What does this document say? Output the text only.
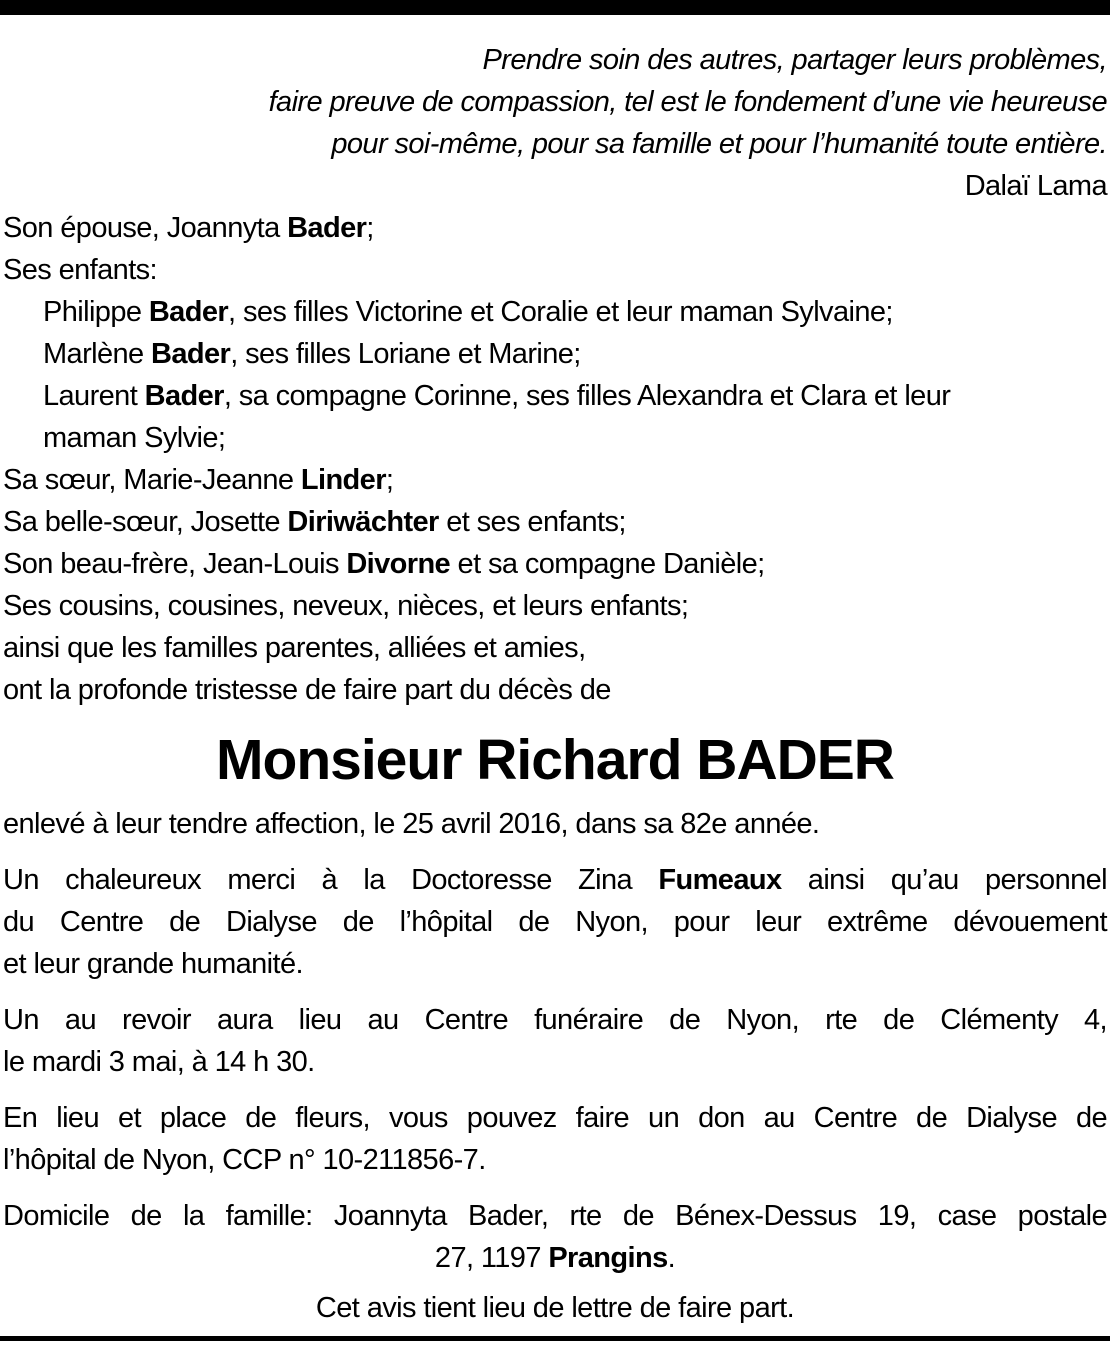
Prendre soin des autres, partager leurs problèmes,
faire preuve de compassion, tel est le fondement d’une vie heureuse
pour soi-même, pour sa famille et pour l’humanité toute entière.
Dalaï Lama
Son épouse, Joannyta Bader;
Ses enfants:
Philippe Bader, ses filles Victorine et Coralie et leur maman Sylvaine;
Marlène Bader, ses filles Loriane et Marine;
Laurent Bader, sa compagne Corinne, ses filles Alexandra et Clara et leur
maman Sylvie;
Sa sœur, Marie-Jeanne Linder;
Sa belle-sœur, Josette Diriwächter et ses enfants;
Son beau-frère, Jean-Louis Divorne et sa compagne Danièle;
Ses cousins, cousines, neveux, nièces, et leurs enfants;
ainsi que les familles parentes, alliées et amies,
ont la profonde tristesse de faire part du décès de
Monsieur Richard BADER
enlevé à leur tendre affection, le 25 avril 2016, dans sa 82e année.
Un chaleureux merci à la Doctoresse Zina Fumeaux ainsi qu’au personnel
du Centre de Dialyse de l’hôpital de Nyon, pour leur extrême dévouement
et leur grande humanité.
Un au revoir aura lieu au Centre funéraire de Nyon, rte de Clémenty 4,
le mardi 3 mai, à 14 h 30.
En lieu et place de fleurs, vous pouvez faire un don au Centre de Dialyse de
l’hôpital de Nyon, CCP n° 10-211856-7.
Domicile de la famille: Joannyta Bader, rte de Bénex-Dessus 19, case postale
27, 1197 Prangins.
Cet avis tient lieu de lettre de faire part.
